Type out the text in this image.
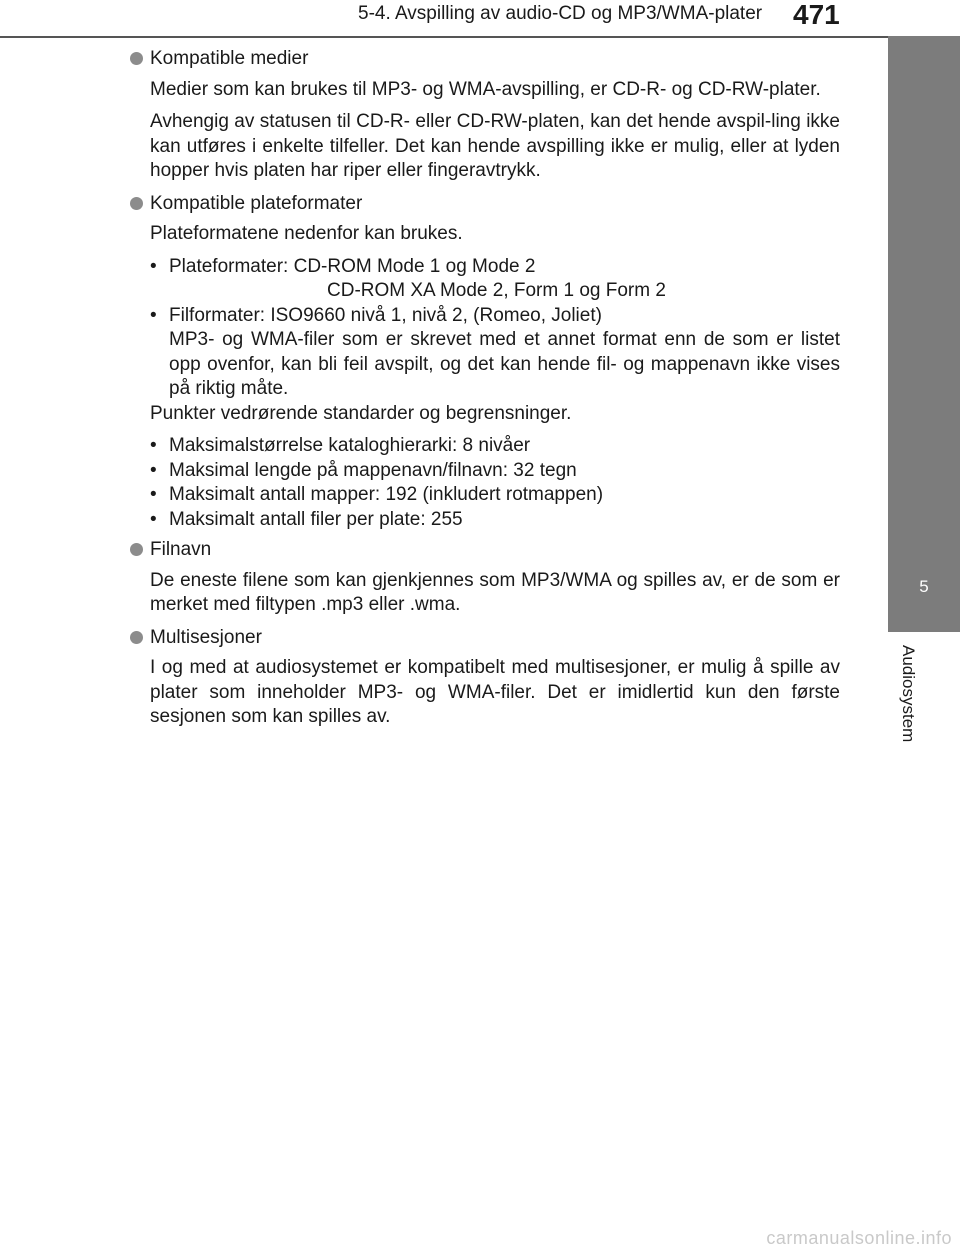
5-4. Avspilling av audio-CD og MP3/WMA-plater 471
5
Audiosystem
Kompatible medier
Medier som kan brukes til MP3- og WMA-avspilling, er CD-R- og CD-RW-plater.
Avhengig av statusen til CD-R- eller CD-RW-platen, kan det hende avspil-ling ikke kan utføres i enkelte tilfeller. Det kan hende avspilling ikke er mulig, eller at lyden hopper hvis platen har riper eller fingeravtrykk.
Kompatible plateformater
Plateformatene nedenfor kan brukes.
• Plateformater: CD-ROM Mode 1 og Mode 2
CD-ROM XA Mode 2, Form 1 og Form 2
• Filformater: ISO9660 nivå 1, nivå 2, (Romeo, Joliet)
MP3- og WMA-filer som er skrevet med et annet format enn de som er listet opp ovenfor, kan bli feil avspilt, og det kan hende fil- og mappenavn ikke vises på riktig måte.
Punkter vedrørende standarder og begrensninger.
• Maksimalstørrelse kataloghierarki: 8 nivåer
• Maksimal lengde på mappenavn/filnavn: 32 tegn
• Maksimalt antall mapper: 192 (inkludert rotmappen)
• Maksimalt antall filer per plate: 255
Filnavn
De eneste filene som kan gjenkjennes som MP3/WMA og spilles av, er de som er merket med filtypen .mp3 eller .wma.
Multisesjoner
I og med at audiosystemet er kompatibelt med multisesjoner, er mulig å spille av plater som inneholder MP3- og WMA-filer. Det er imidlertid kun den første sesjonen som kan spilles av.
carmanualsonline.info
